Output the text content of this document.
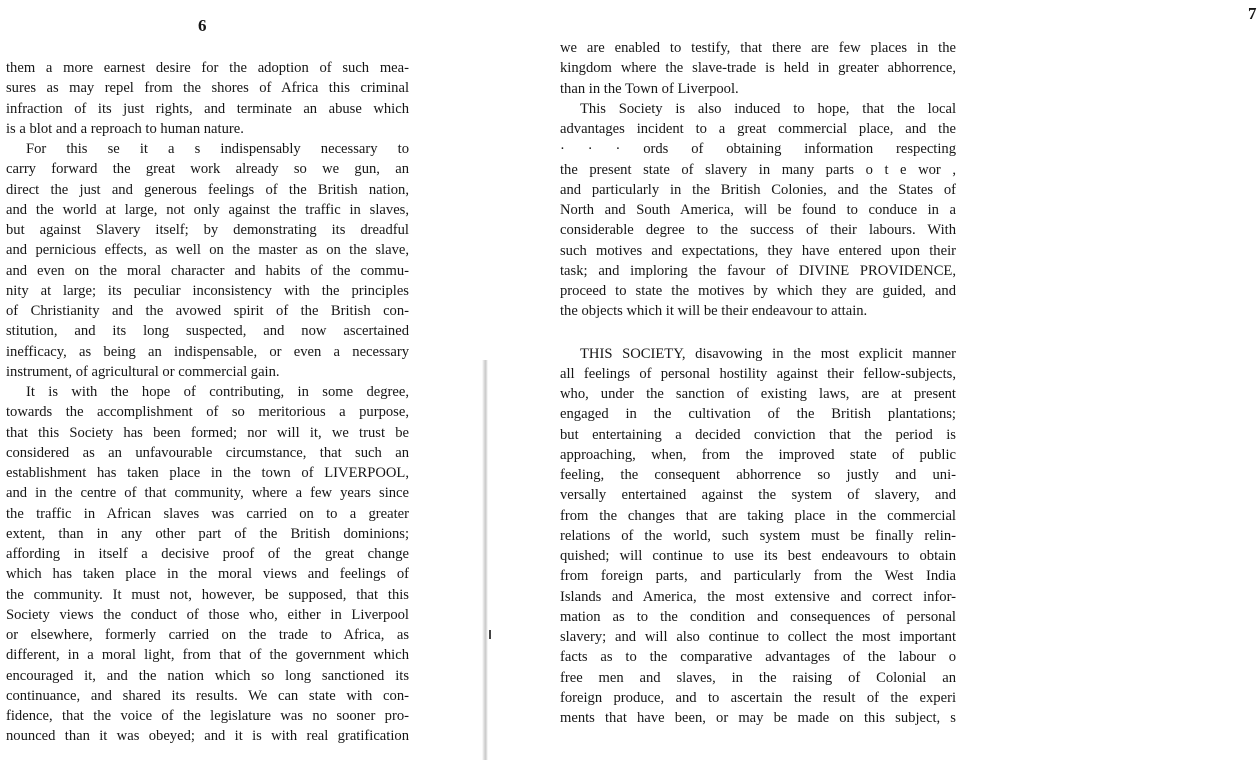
6
them a more earnest desire for the adoption of such mea-
sures as may repel from the shores of Africa this criminal
infraction of its just rights, and terminate an abuse which
is a blot and a reproach to human nature.
For this se it a s indispensably necessary to
carry forward the great work already so we gun, an
direct the just and generous feelings of the British nation,
and the world at large, not only against the traffic in slaves,
but against Slavery itself; by demonstrating its dreadful
and pernicious effects, as well on the master as on the slave,
and even on the moral character and habits of the commu-
nity at large; its peculiar inconsistency with the principles
of Christianity and the avowed spirit of the British con-
stitution, and its long suspected, and now ascertained
inefficacy, as being an indispensable, or even a necessary
instrument, of agricultural or commercial gain.
It is with the hope of contributing, in some degree,
towards the accomplishment of so meritorious a purpose,
that this Society has been formed; nor will it, we trust be
considered as an unfavourable circumstance, that such an
establishment has taken place in the town of LIVERPOOL,
and in the centre of that community, where a few years since
the traffic in African slaves was carried on to a greater
extent, than in any other part of the British dominions;
affording in itself a decisive proof of the great change
which has taken place in the moral views and feelings of
the community. It must not, however, be supposed, that this
Society views the conduct of those who, either in Liverpool
or elsewhere, formerly carried on the trade to Africa, as
different, in a moral light, from that of the government which
encouraged it, and the nation which so long sanctioned its
continuance, and shared its results. We can state with con-
fidence, that the voice of the legislature was no sooner pro-
nounced than it was obeyed; and it is with real gratification
7
we are enabled to testify, that there are few places in the
kingdom where the slave-trade is held in greater abhorrence,
than in the Town of Liverpool.
This Society is also induced to hope, that the local
advantages incident to a great commercial place, and the
· · · ords of obtaining information respecting
the present state of slavery in many parts o t e wor ,
and particularly in the British Colonies, and the States of
North and South America, will be found to conduce in a
considerable degree to the success of their labours. With
such motives and expectations, they have entered upon their
task; and imploring the favour of DIVINE PROVIDENCE,
proceed to state the motives by which they are guided, and
the objects which it will be their endeavour to attain.
THIS SOCIETY, disavowing in the most explicit manner
all feelings of personal hostility against their fellow-subjects,
who, under the sanction of existing laws, are at present
engaged in the cultivation of the British plantations;
but entertaining a decided conviction that the period is
approaching, when, from the improved state of public
feeling, the consequent abhorrence so justly and uni-
versally entertained against the system of slavery, and
from the changes that are taking place in the commercial
relations of the world, such system must be finally relin-
quished; will continue to use its best endeavours to obtain
from foreign parts, and particularly from the West India
Islands and America, the most extensive and correct infor-
mation as to the condition and consequences of personal
slavery; and will also continue to collect the most important
facts as to the comparative advantages of the labour o
free men and slaves, in the raising of Colonial an
foreign produce, and to ascertain the result of the experi
ments that have been, or may be made on this subject, s
